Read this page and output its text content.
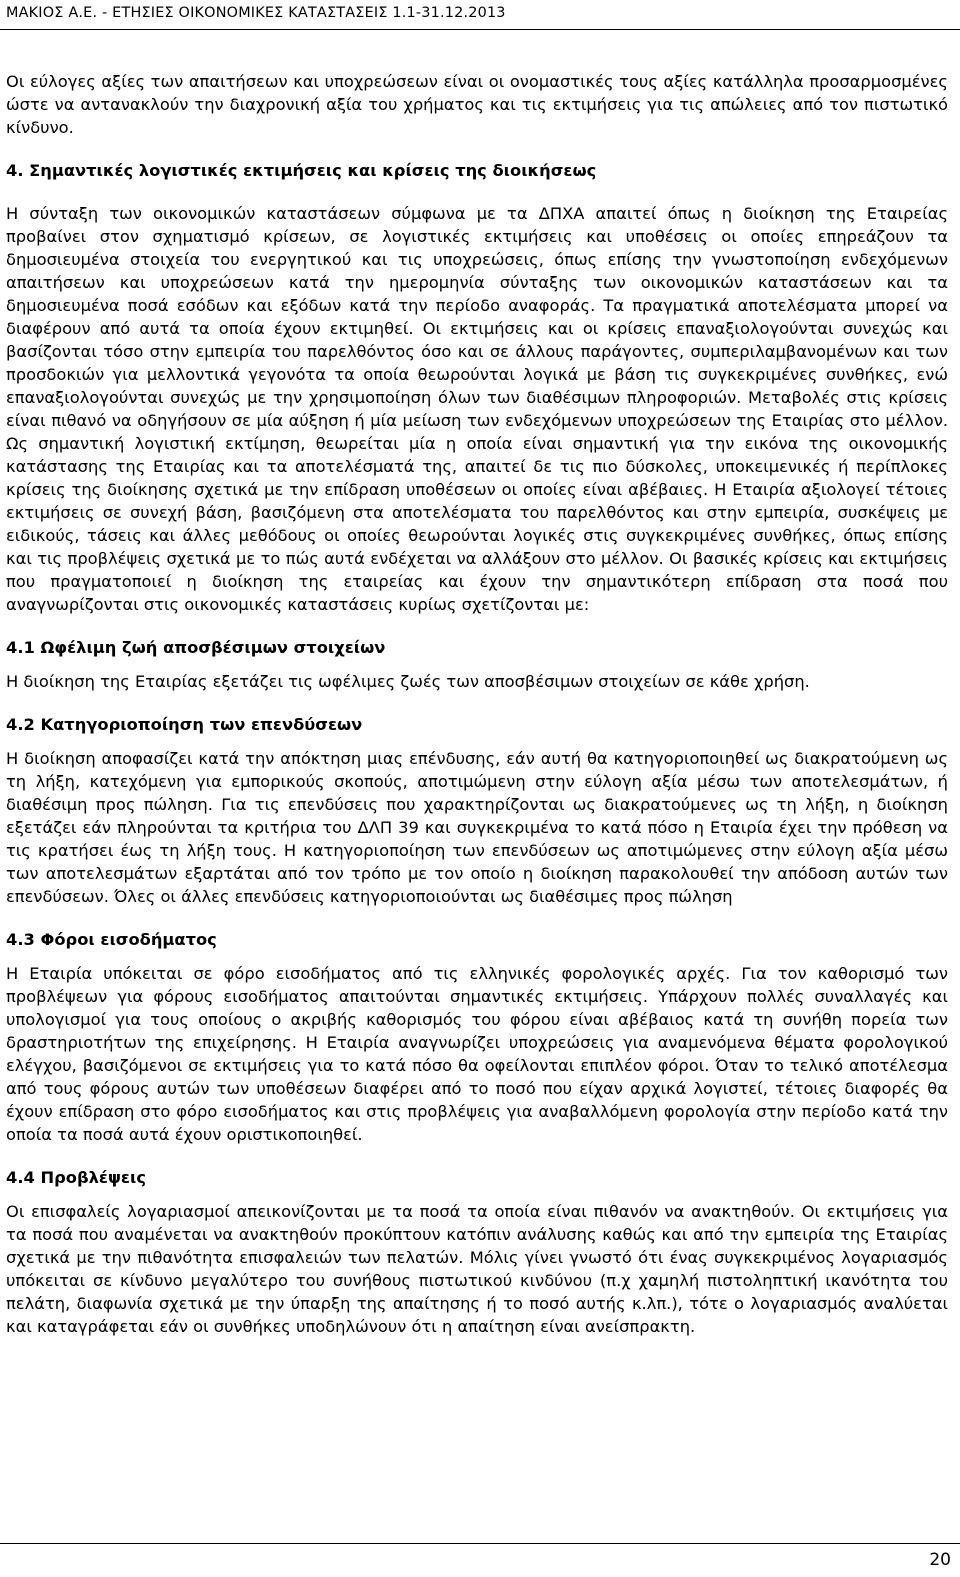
ΜΑΚΙΟΣ Α.Ε. - ΕΤΗΣΙΕΣ ΟΙΚΟΝΟΜΙΚΕΣ ΚΑΤΑΣΤΑΣΕΙΣ 1.1-31.12.2013

Οι εύλογες αξίες των απαιτήσεων και υποχρεώσεων είναι οι ονομαστικές τους αξίες κατάλληλα προσαρμοσμένες ώστε να αντανακλούν την διαχρονική αξία του χρήματος και τις εκτιμήσεις για τις απώλειες από τον πιστωτικό κίνδυνο.

4. Σημαντικές λογιστικές εκτιμήσεις και κρίσεις της διοικήσεως

Η σύνταξη των οικονομικών καταστάσεων σύμφωνα με τα ΔΠΧΑ απαιτεί όπως η διοίκηση της Εταιρείας προβαίνει στον σχηματισμό κρίσεων, σε λογιστικές εκτιμήσεις και υποθέσεις οι οποίες επηρεάζουν τα δημοσιευμένα στοιχεία του ενεργητικού και τις υποχρεώσεις, όπως επίσης την γνωστοποίηση ενδεχόμενων απαιτήσεων και υποχρεώσεων κατά την ημερομηνία σύνταξης των οικονομικών καταστάσεων και τα δημοσιευμένα ποσά εσόδων και εξόδων κατά την περίοδο αναφοράς. Τα πραγματικά αποτελέσματα μπορεί να διαφέρουν από αυτά τα οποία έχουν εκτιμηθεί. Οι εκτιμήσεις και οι κρίσεις επαναξιολογούνται συνεχώς και βασίζονται τόσο στην εμπειρία του παρελθόντος όσο και σε άλλους παράγοντες, συμπεριλαμβανομένων και των προσδοκιών για μελλοντικά γεγονότα τα οποία θεωρούνται λογικά με βάση τις συγκεκριμένες συνθήκες, ενώ επαναξιολογούνται συνεχώς με την χρησιμοποίηση όλων των διαθέσιμων πληροφοριών. Μεταβολές στις κρίσεις είναι πιθανό να οδηγήσουν σε μία αύξηση ή μία μείωση των ενδεχόμενων υποχρεώσεων της Εταιρίας στο μέλλον. Ως σημαντική λογιστική εκτίμηση, θεωρείται μία η οποία είναι σημαντική για την εικόνα της οικονομικής κατάστασης της Εταιρίας και τα αποτελέσματά της, απαιτεί δε τις πιο δύσκολες, υποκειμενικές ή περίπλοκες κρίσεις της διοίκησης σχετικά με την επίδραση υποθέσεων οι οποίες είναι αβέβαιες. Η Εταιρία αξιολογεί τέτοιες εκτιμήσεις σε συνεχή βάση, βασιζόμενη στα αποτελέσματα του παρελθόντος και στην εμπειρία, συσκέψεις με ειδικούς, τάσεις και άλλες μεθόδους οι οποίες θεωρούνται λογικές στις συγκεκριμένες συνθήκες, όπως επίσης και τις προβλέψεις σχετικά με το πώς αυτά ενδέχεται να αλλάξουν στο μέλλον. Οι βασικές κρίσεις και εκτιμήσεις που πραγματοποιεί η διοίκηση της εταιρείας και έχουν την σημαντικότερη επίδραση στα ποσά που αναγνωρίζονται στις οικονομικές καταστάσεις κυρίως σχετίζονται με:

4.1 Ωφέλιμη ζωή αποσβέσιμων στοιχείων

Η διοίκηση της Εταιρίας εξετάζει τις ωφέλιμες ζωές των αποσβέσιμων στοιχείων σε κάθε χρήση.

4.2 Κατηγοριοποίηση των επενδύσεων

Η διοίκηση αποφασίζει κατά την απόκτηση μιας επένδυσης, εάν αυτή θα κατηγοριοποιηθεί ως διακρατούμενη ως τη λήξη, κατεχόμενη για εμπορικούς σκοπούς, αποτιμώμενη στην εύλογη αξία μέσω των αποτελεσμάτων, ή διαθέσιμη προς πώληση. Για τις επενδύσεις που χαρακτηρίζονται ως διακρατούμενες ως τη λήξη, η διοίκηση εξετάζει εάν πληρούνται τα κριτήρια του ΔΛΠ 39 και συγκεκριμένα το κατά πόσο η Εταιρία έχει την πρόθεση να τις κρατήσει έως τη λήξη τους. Η κατηγοριοποίηση των επενδύσεων ως αποτιμώμενες στην εύλογη αξία μέσω των αποτελεσμάτων εξαρτάται από τον τρόπο με τον οποίο η διοίκηση παρακολουθεί την απόδοση αυτών των επενδύσεων. Όλες οι άλλες επενδύσεις κατηγοριοποιούνται ως διαθέσιμες προς πώληση

4.3 Φόροι εισοδήματος

Η Εταιρία υπόκειται σε φόρο εισοδήματος από τις ελληνικές φορολογικές αρχές. Για τον καθορισμό των προβλέψεων για φόρους εισοδήματος απαιτούνται σημαντικές εκτιμήσεις. Υπάρχουν πολλές συναλλαγές και υπολογισμοί για τους οποίους ο ακριβής καθορισμός του φόρου είναι αβέβαιος κατά τη συνήθη πορεία των δραστηριοτήτων της επιχείρησης. Η Εταιρία αναγνωρίζει υποχρεώσεις για αναμενόμενα θέματα φορολογικού ελέγχου, βασιζόμενοι σε εκτιμήσεις για το κατά πόσο θα οφείλονται επιπλέον φόροι. Όταν το τελικό αποτέλεσμα από τους φόρους αυτών των υποθέσεων διαφέρει από το ποσό που είχαν αρχικά λογιστεί, τέτοιες διαφορές θα έχουν επίδραση στο φόρο εισοδήματος και στις προβλέψεις για αναβαλλόμενη φορολογία στην περίοδο κατά την οποία τα ποσά αυτά έχουν οριστικοποιηθεί.

4.4 Προβλέψεις

Οι επισφαλείς λογαριασμοί απεικονίζονται με τα ποσά τα οποία είναι πιθανόν να ανακτηθούν. Οι εκτιμήσεις για τα ποσά που αναμένεται να ανακτηθούν προκύπτουν κατόπιν ανάλυσης καθώς και από την εμπειρία της Εταιρίας σχετικά με την πιθανότητα επισφαλειών των πελατών. Μόλις γίνει γνωστό ότι ένας συγκεκριμένος λογαριασμός υπόκειται σε κίνδυνο μεγαλύτερο του συνήθους πιστωτικού κινδύνου (π.χ χαμηλή πιστοληπτική ικανότητα του πελάτη, διαφωνία σχετικά με την ύπαρξη της απαίτησης ή το ποσό αυτής κ.λπ.), τότε ο λογαριασμός αναλύεται και καταγράφεται εάν οι συνθήκες υποδηλώνουν ότι η απαίτηση είναι ανείσπρακτη.

20
